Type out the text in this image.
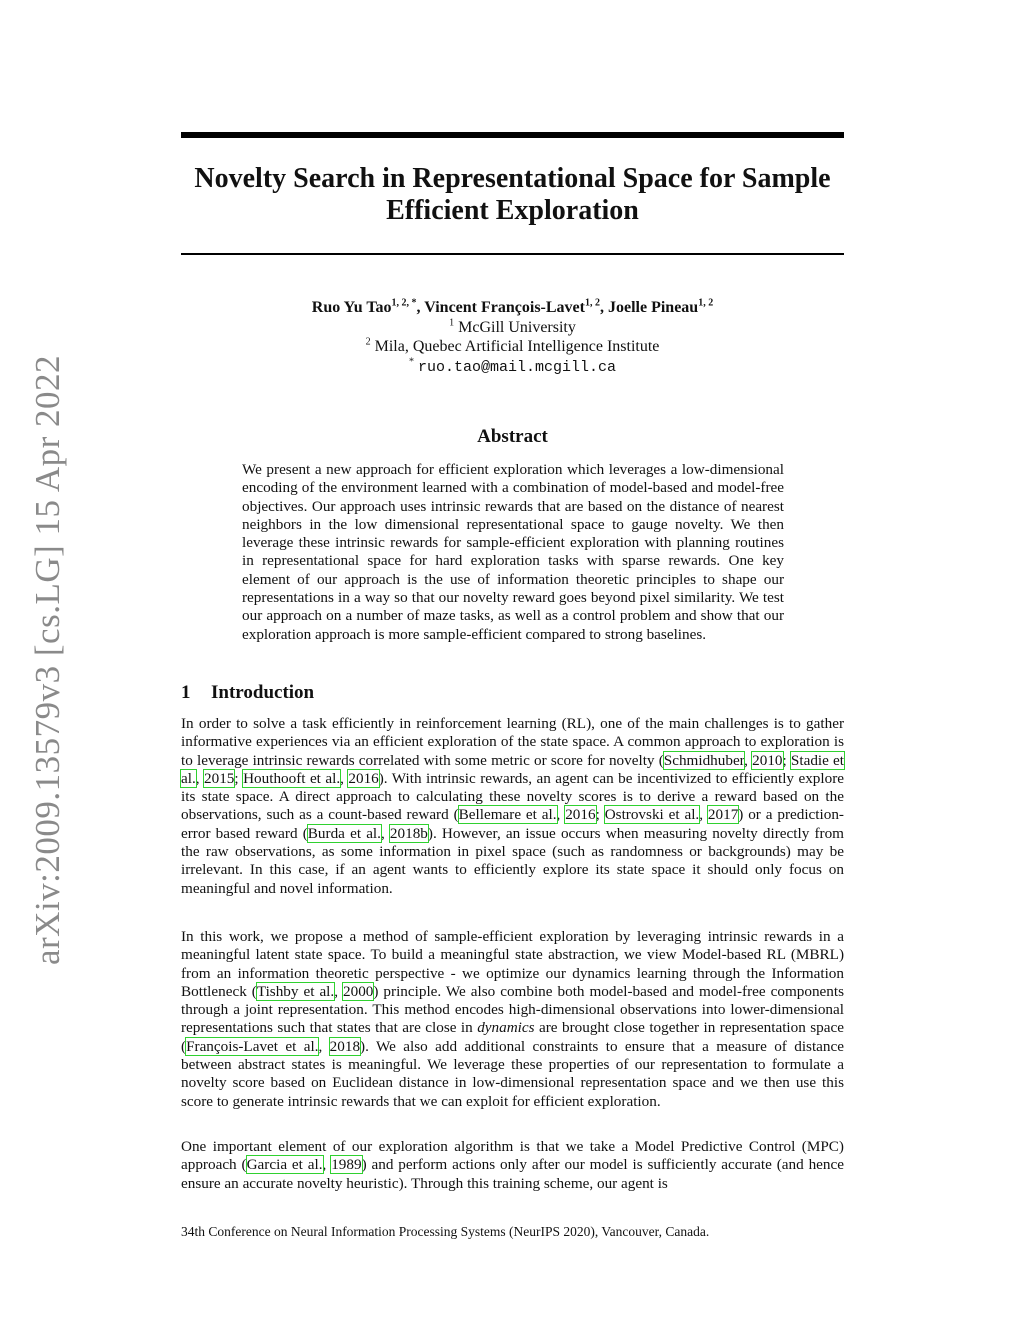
arXiv:2009.13579v3 [cs.LG] 15 Apr 2022
Novelty Search in Representational Space for Sample
Efficient Exploration
Ruo Yu Tao$^{1, 2, *}$, Vincent François-Lavet$^{1, 2}$, Joelle Pineau$^{1, 2}$
$^1$ McGill University
$^2$ Mila, Quebec Artificial Intelligence Institute
* ruo.tao@mail.mcgill.ca
Abstract

We present a new approach for efficient exploration which leverages a low-dimensional encoding of the environment learned with a combination of model-based and model-free objectives. Our approach uses intrinsic rewards that are based on the distance of nearest neighbors in the low dimensional representational space to gauge novelty. We then leverage these intrinsic rewards for sample-efficient exploration with planning routines in representational space for hard exploration tasks with sparse rewards. One key element of our approach is the use of information theoretic principles to shape our representations in a way so that our novelty reward goes beyond pixel similarity. We test our approach on a number of maze tasks, as well as a control problem and show that our exploration approach is more sample-efficient compared to strong baselines.

1 Introduction

In order to solve a task efficiently in reinforcement learning (RL), one of the main challenges is to gather informative experiences via an efficient exploration of the state space. A common approach to exploration is to leverage intrinsic rewards correlated with some metric or score for novelty (Schmidhuber, 2010; Stadie et al., 2015; Houthooft et al., 2016). With intrinsic rewards, an agent can be incentivized to efficiently explore its state space. A direct approach to calculating these novelty scores is to derive a reward based on the observations, such as a count-based reward (Bellemare et al., 2016; Ostrovski et al., 2017) or a prediction-error based reward (Burda et al., 2018b). However, an issue occurs when measuring novelty directly from the raw observations, as some information in pixel space (such as randomness or backgrounds) may be irrelevant. In this case, if an agent wants to efficiently explore its state space it should only focus on meaningful and novel information.

In this work, we propose a method of sample-efficient exploration by leveraging intrinsic rewards in a meaningful latent state space. To build a meaningful state abstraction, we view Model-based RL (MBRL) from an information theoretic perspective - we optimize our dynamics learning through the Information Bottleneck (Tishby et al., 2000) principle. We also combine both model-based and model-free components through a joint representation. This method encodes high-dimensional observations into lower-dimensional representations such that states that are close in dynamics are brought close together in representation space (François-Lavet et al., 2018). We also add additional constraints to ensure that a measure of distance between abstract states is meaningful. We leverage these properties of our representation to formulate a novelty score based on Euclidean distance in low-dimensional representation space and we then use this score to generate intrinsic rewards that we can exploit for efficient exploration.

One important element of our exploration algorithm is that we take a Model Predictive Control (MPC) approach (Garcia et al., 1989) and perform actions only after our model is sufficiently accurate (and hence ensure an accurate novelty heuristic). Through this training scheme, our agent is

34th Conference on Neural Information Processing Systems (NeurIPS 2020), Vancouver, Canada.
